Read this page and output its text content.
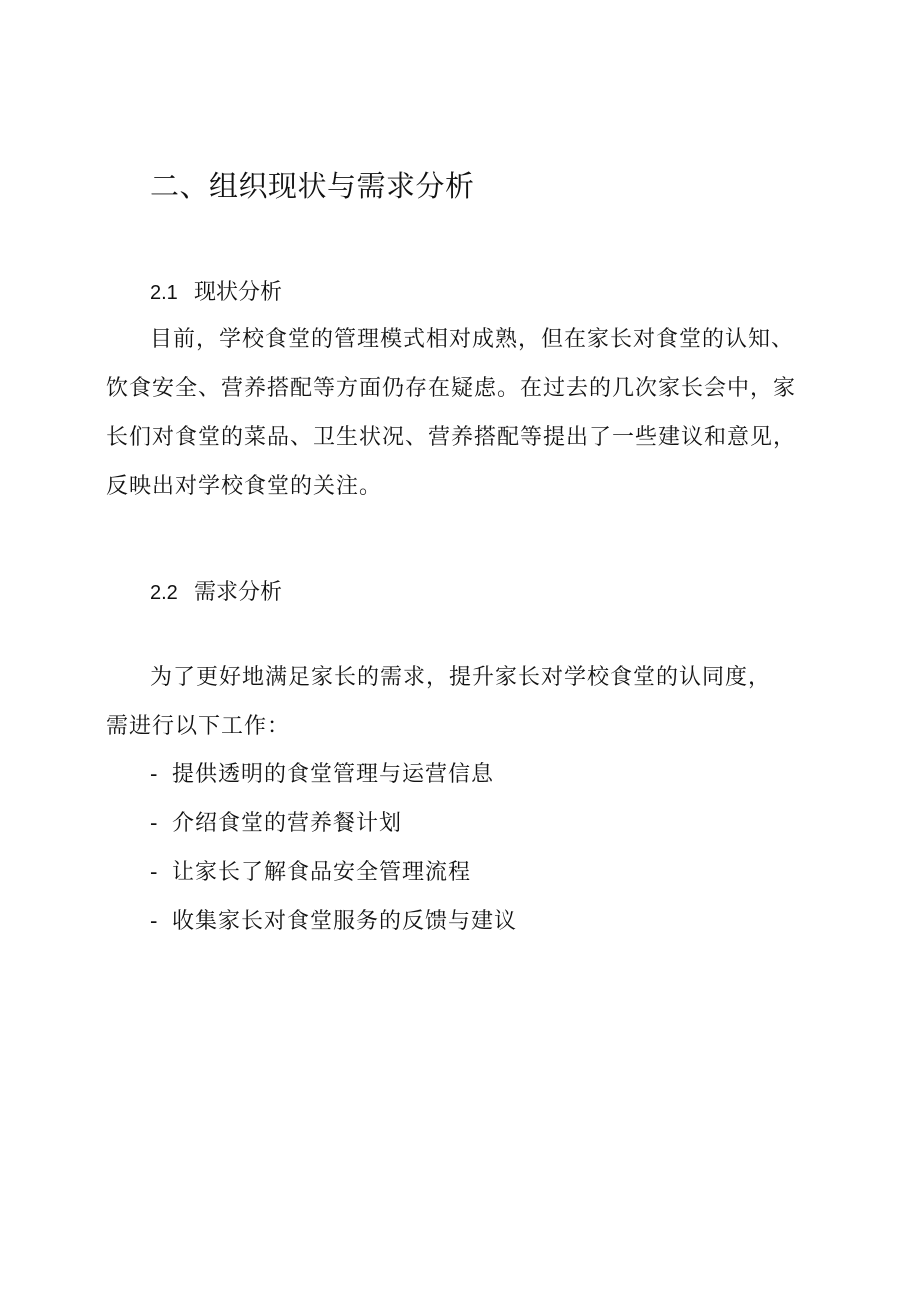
二、组织现状与需求分析
2.1 现状分析
目前，学校食堂的管理模式相对成熟，但在家长对食堂的认知、
饮食安全、营养搭配等方面仍存在疑虑。在过去的几次家长会中，家
长们对食堂的菜品、卫生状况、营养搭配等提出了一些建议和意见，
反映出对学校食堂的关注。
2.2 需求分析
为了更好地满足家长的需求，提升家长对学校食堂的认同度，
需进行以下工作：
- 提供透明的食堂管理与运营信息
- 介绍食堂的营养餐计划
- 让家长了解食品安全管理流程
- 收集家长对食堂服务的反馈与建议
